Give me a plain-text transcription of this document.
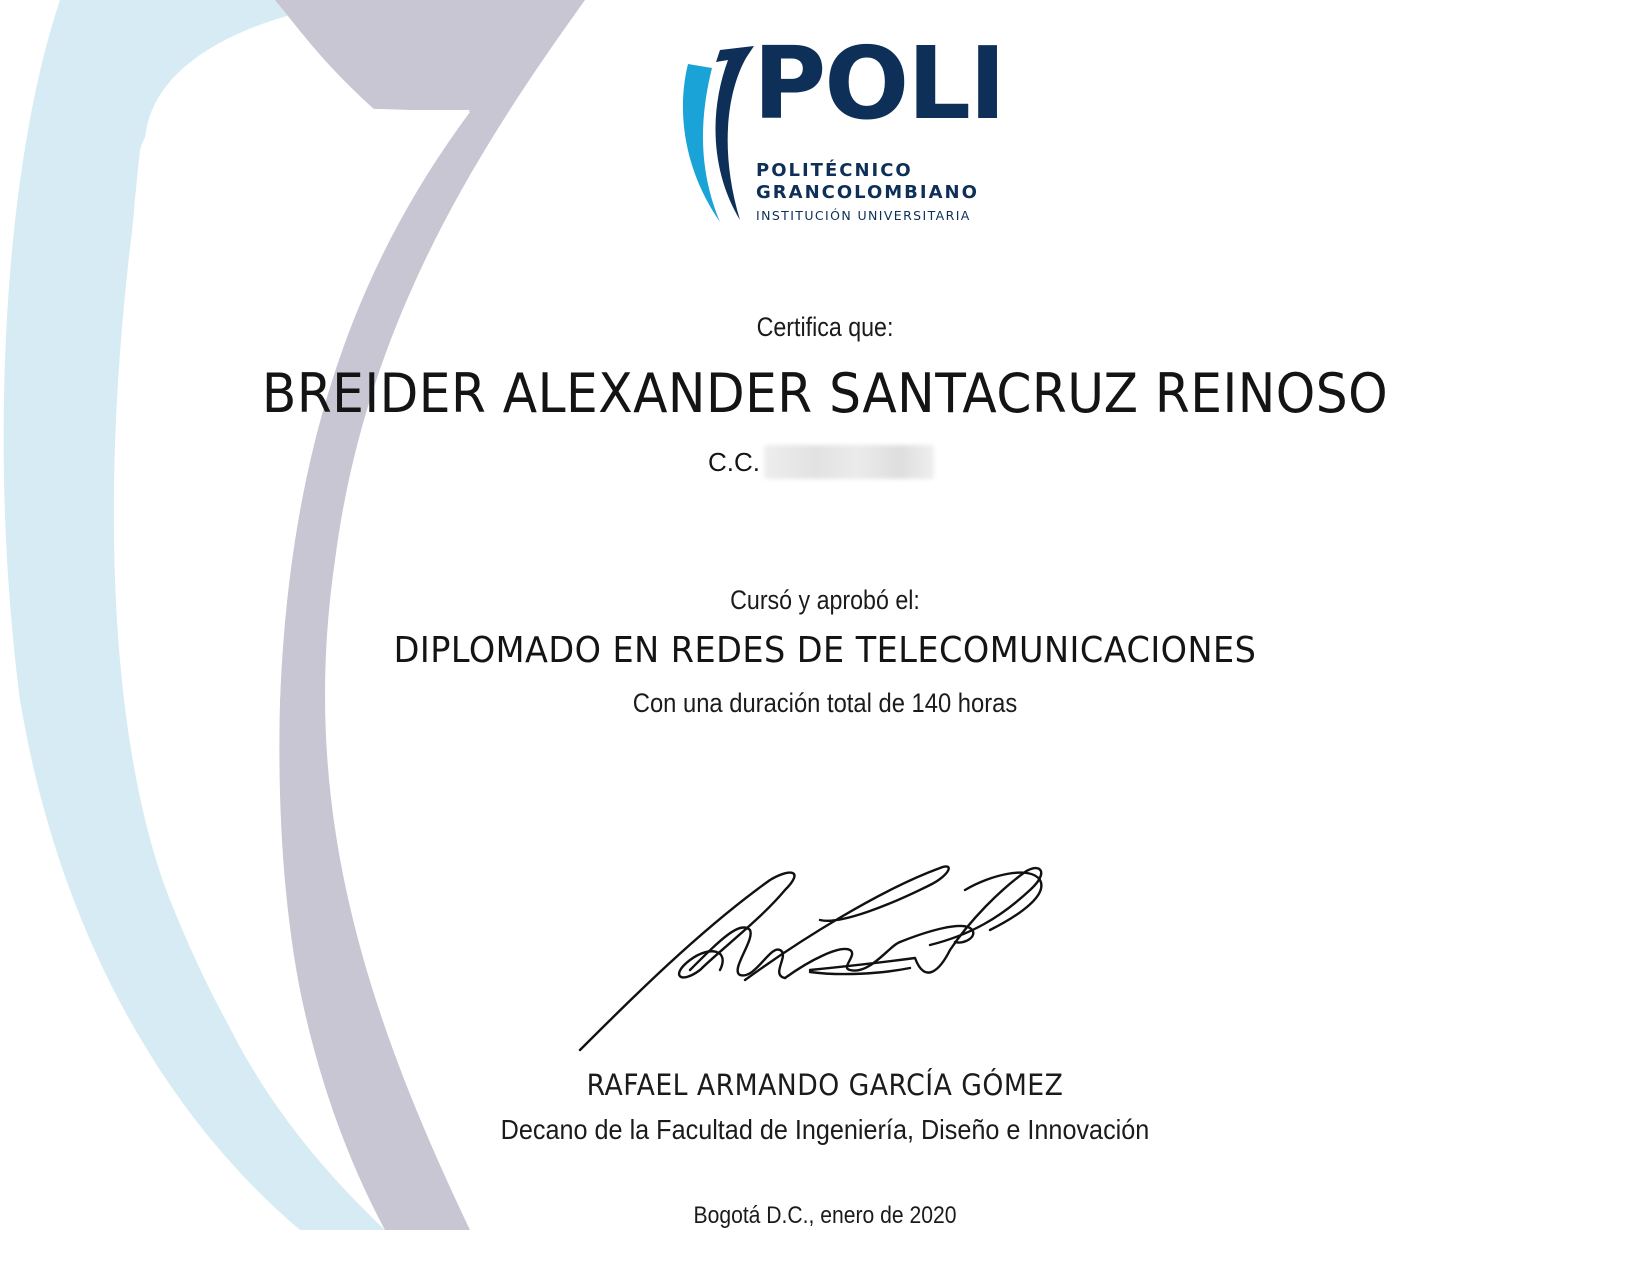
POLI
POLITÉCNICO
GRANCOLOMBIANO
INSTITUCIÓN UNIVERSITARIA
Certifica que:
BREIDER ALEXANDER SANTACRUZ REINOSO
C.C.
Cursó y aprobó el:
DIPLOMADO EN REDES DE TELECOMUNICACIONES
Con una duración total de 140 horas
RAFAEL ARMANDO GARCÍA GÓMEZ
Decano de la Facultad de Ingeniería, Diseño e Innovación
Bogotá D.C., enero de 2020
